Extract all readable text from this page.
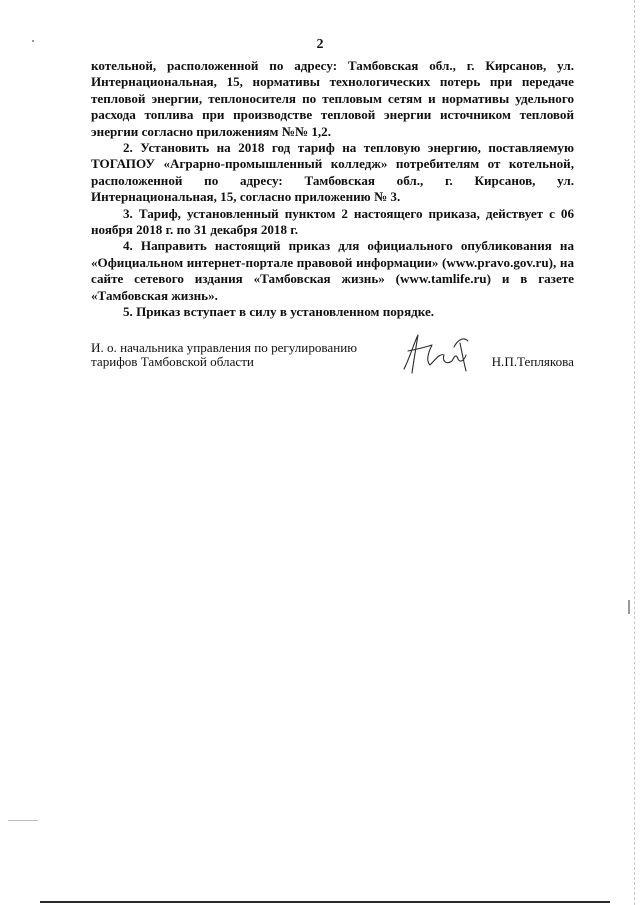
2

котельной, расположенной по адресу: Тамбовская обл., г. Кирсанов, ул. Интернациональная, 15, нормативы технологических потерь при передаче тепловой энергии, теплоносителя по тепловым сетям и нормативы удельного расхода топлива при производстве тепловой энергии источником тепловой энергии согласно приложениям №№ 1,2.

2. Установить на 2018 год тариф на тепловую энергию, поставляемую ТОГАПОУ «Аграрно-промышленный колледж» потребителям от котельной, расположенной по адресу: Тамбовская обл., г. Кирсанов, ул. Интернациональная, 15, согласно приложению № 3.

3. Тариф, установленный пунктом 2 настоящего приказа, действует с 06 ноября 2018 г. по 31 декабря 2018 г.

4. Направить настоящий приказ для официального опубликования на «Официальном интернет-портале правовой информации» (www.pravo.gov.ru), на сайте сетевого издания «Тамбовская жизнь» (www.tamlife.ru) и в газете «Тамбовская жизнь».

5. Приказ вступает в силу в установленном порядке.

И. о. начальника управления по регулированию
тарифов Тамбовской области	Н.П.Теплякова
